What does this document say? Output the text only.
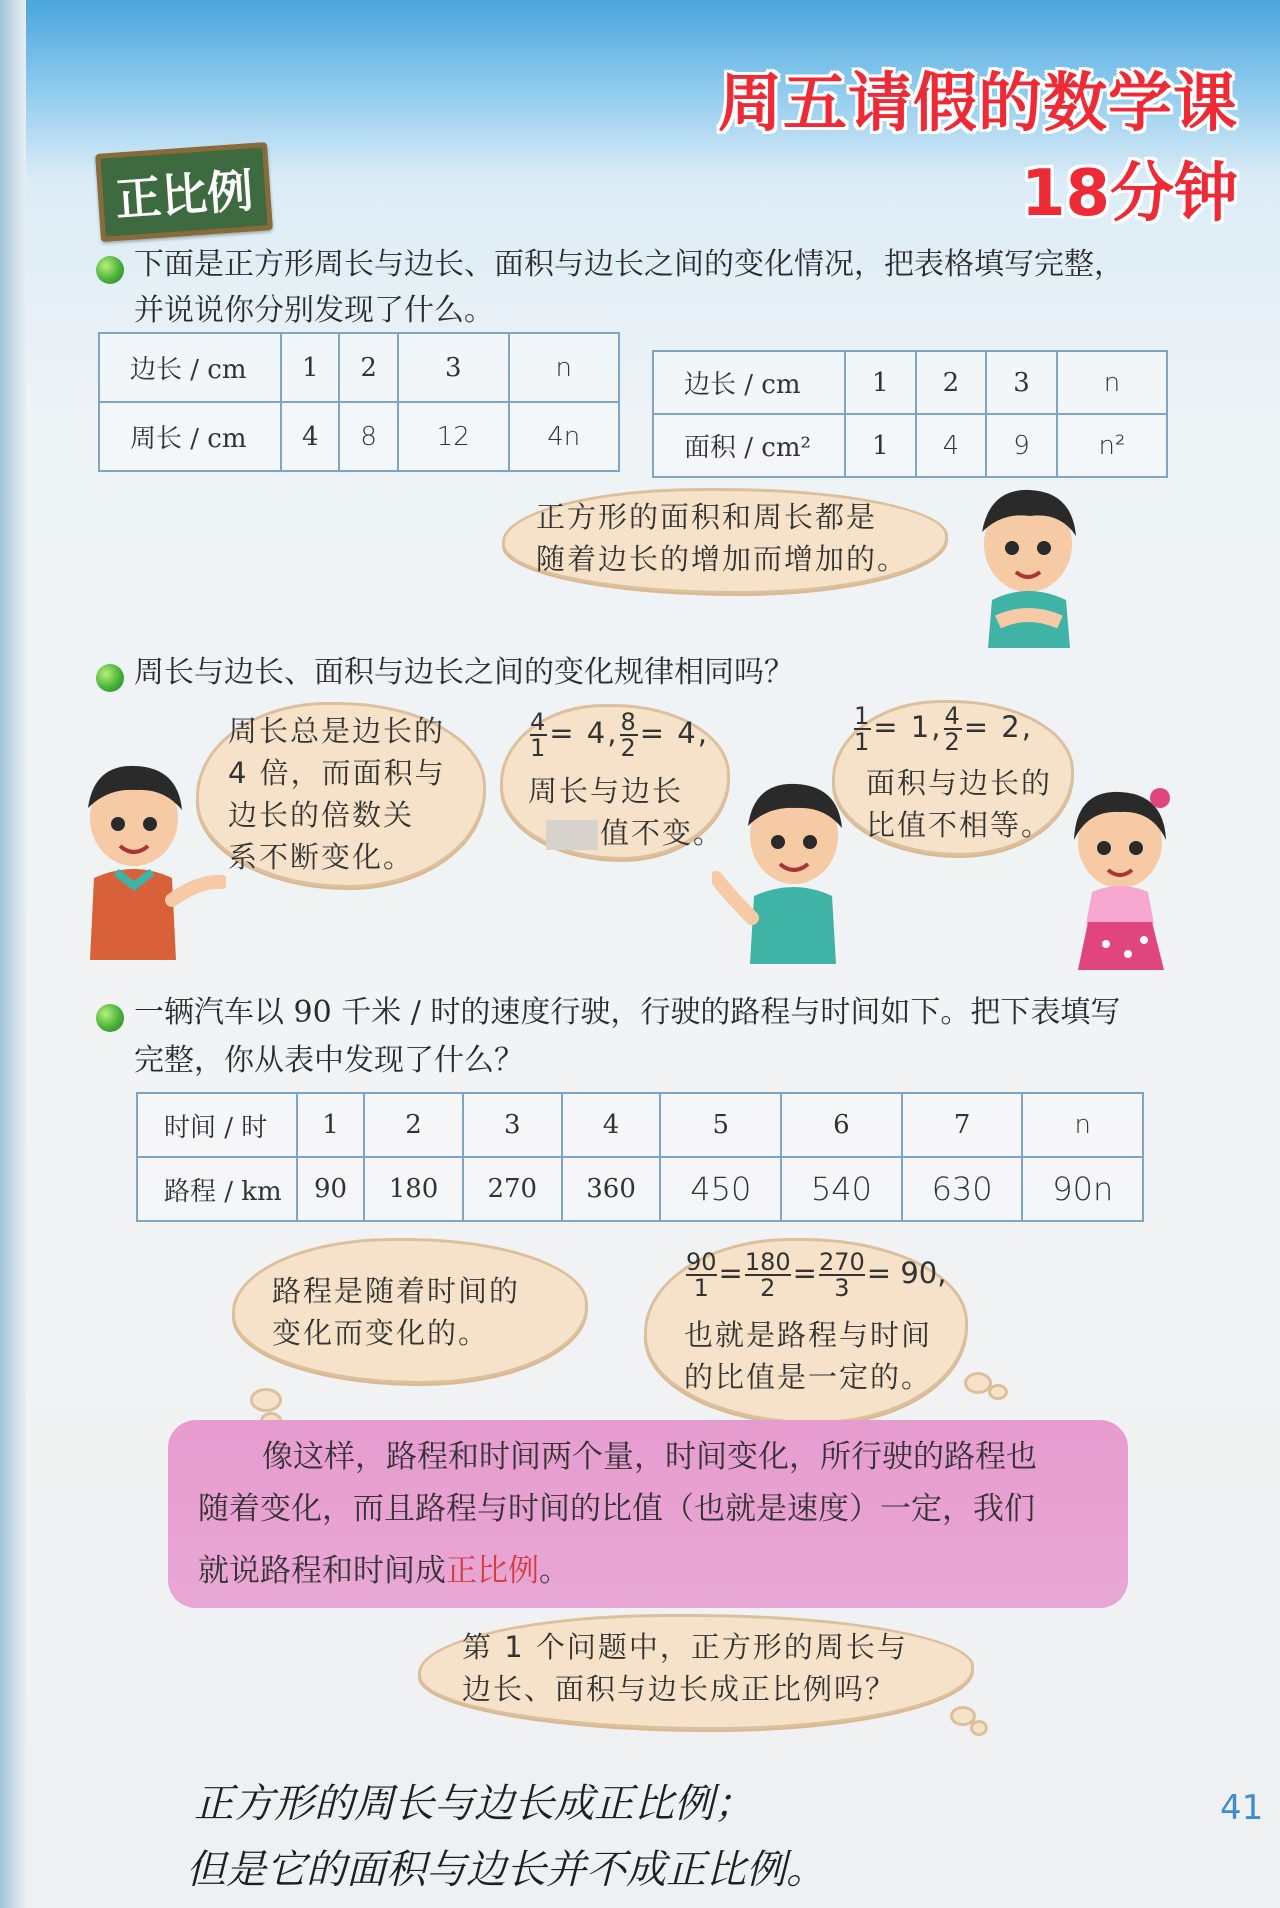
周五请假的数学课
18分钟
正比例
下面是正方形周长与边长、面积与边长之间的变化情况，把表格填写完整，
并说说你分别发现了什么。
边长 / cm	1	2	3	n
周长 / cm	4	8	12	4n
边长 / cm	1	2	3	n
面积 / cm²	1	4	9	n²
正方形的面积和周长都是
随着边长的增加而增加的。
周长与边长、面积与边长之间的变化规律相同吗？
周长总是边长的
4 倍，而面积与
边长的倍数关
系不断变化。
$\frac{4}{1} = 4$, $\frac{8}{2} = 4$,
周长与边长
值不变。
$\frac{1}{1} = 1$, $\frac{4}{2} = 2$,
面积与边长的
比值不相等。
一辆汽车以 90 千米 / 时的速度行驶，行驶的路程与时间如下。把下表填写
完整，你从表中发现了什么？
时间 / 时	1	2	3	4	5	6	7	n
路程 / km	90	180	270	360	450	540	630	90n
路程是随着时间的
变化而变化的。
$\frac{90}{1} = \frac{180}{2} = \frac{270}{3} = 90$,
也就是路程与时间
的比值是一定的。
像这样，路程和时间两个量，时间变化，所行驶的路程也
随着变化，而且路程与时间的比值（也就是速度）一定，我们
就说路程和时间成正比例。
第 1 个问题中，正方形的周长与
边长、面积与边长成正比例吗？
正方形的周长与边长成正比例；
但是它的面积与边长并不成正比例。
41
